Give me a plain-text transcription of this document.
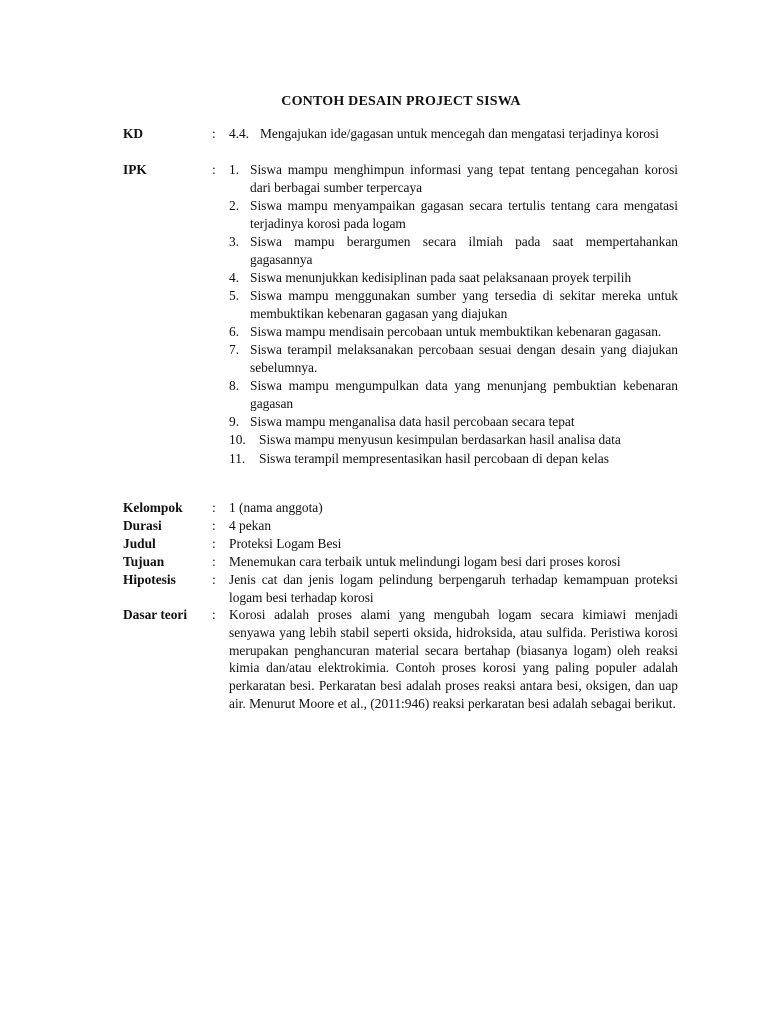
CONTOH DESAIN PROJECT SISWA
KD	: 4.4. Mengajukan ide/gagasan untuk mencegah dan mengatasi terjadinya korosi
IPK	: 1. Siswa mampu menghimpun informasi yang tepat tentang pencegahan korosi dari berbagai sumber terpercaya
2. Siswa mampu menyampaikan gagasan secara tertulis tentang cara mengatasi terjadinya korosi pada logam
3. Siswa mampu berargumen secara ilmiah pada saat mempertahankan gagasannya
4. Siswa menunjukkan kedisiplinan pada saat pelaksanaan proyek terpilih
5. Siswa mampu menggunakan sumber yang tersedia di sekitar mereka untuk membuktikan kebenaran gagasan yang diajukan
6. Siswa mampu mendisain percobaan untuk membuktikan kebenaran gagasan.
7. Siswa terampil melaksanakan percobaan sesuai dengan desain yang diajukan sebelumnya.
8. Siswa mampu mengumpulkan data yang menunjang pembuktian kebenaran gagasan
9. Siswa mampu menganalisa data hasil percobaan secara tepat
10. Siswa mampu menyusun kesimpulan berdasarkan hasil analisa data
11. Siswa terampil mempresentasikan hasil percobaan di depan kelas
Kelompok : 1 (nama anggota)
Durasi	: 4 pekan
Judul	: Proteksi Logam Besi
Tujuan	: Menemukan cara terbaik untuk melindungi logam besi dari proses korosi
Hipotesis	: Jenis cat dan jenis logam pelindung berpengaruh terhadap kemampuan proteksi logam besi terhadap korosi
Dasar teori : Korosi adalah proses alami yang mengubah logam secara kimiawi menjadi senyawa yang lebih stabil seperti oksida, hidroksida, atau sulfida. Peristiwa korosi merupakan penghancuran material secara bertahap (biasanya logam) oleh reaksi kimia dan/atau elektrokimia. Contoh proses korosi yang paling populer adalah perkaratan besi. Perkaratan besi adalah proses reaksi antara besi, oksigen, dan uap air. Menurut Moore et al., (2011:946) reaksi perkaratan besi adalah sebagai berikut.
